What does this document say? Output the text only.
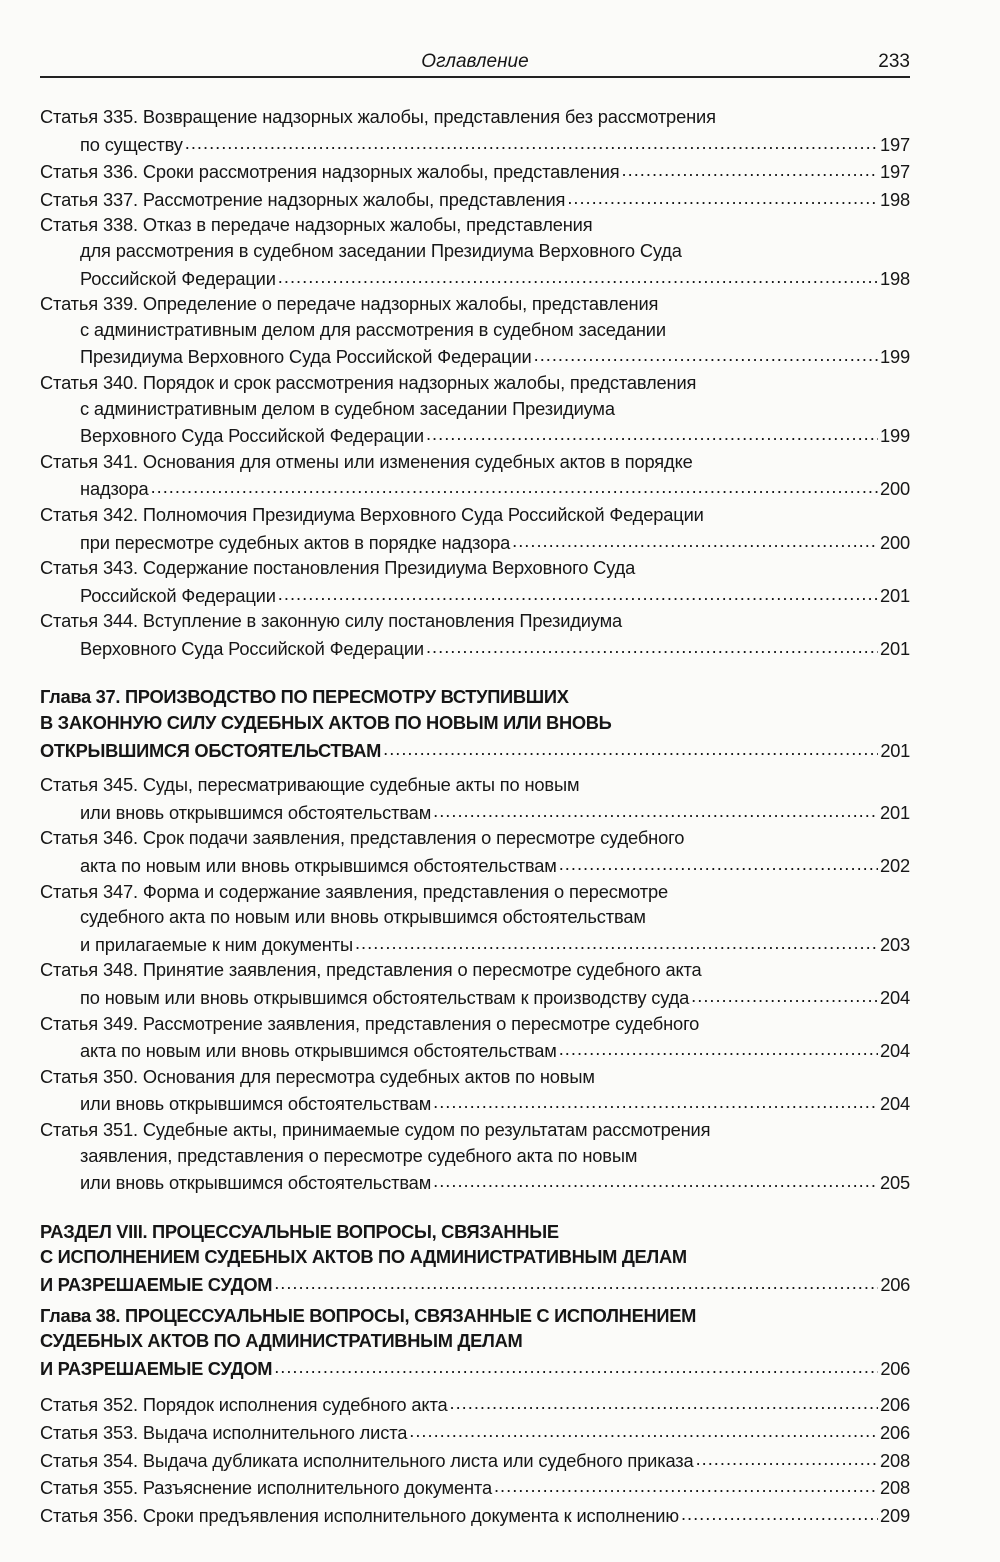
Оглавление	233
Статья 335. Возвращение надзорных жалобы, представления без рассмотрения
по существу .....	197
Статья 336. Сроки рассмотрения надзорных жалобы, представления .....	197
Статья 337. Рассмотрение надзорных жалобы, представления .....	198
Статья 338. Отказ в передаче надзорных жалобы, представления
для рассмотрения в судебном заседании Президиума Верховного Суда
Российской Федерации .....	198
Статья 339. Определение о передаче надзорных жалобы, представления
с административным делом для рассмотрения в судебном заседании
Президиума Верховного Суда Российской Федерации .....	199
Статья 340. Порядок и срок рассмотрения надзорных жалобы, представления
с административным делом в судебном заседании Президиума
Верховного Суда Российской Федерации .....	199
Статья 341. Основания для отмены или изменения судебных актов в порядке
надзора .....	200
Статья 342. Полномочия Президиума Верховного Суда Российской Федерации
при пересмотре судебных актов в порядке надзора .....	200
Статья 343. Содержание постановления Президиума Верховного Суда
Российской Федерации .....	201
Статья 344. Вступление в законную силу постановления Президиума
Верховного Суда Российской Федерации .....	201
Глава 37. ПРОИЗВОДСТВО ПО ПЕРЕСМОТРУ ВСТУПИВШИХ
В ЗАКОННУЮ СИЛУ СУДЕБНЫХ АКТОВ ПО НОВЫМ ИЛИ ВНОВЬ
ОТКРЫВШИМСЯ ОБСТОЯТЕЛЬСТВАМ .....	201
Статья 345. Суды, пересматривающие судебные акты по новым
или вновь открывшимся обстоятельствам .....	201
Статья 346. Срок подачи заявления, представления о пересмотре судебного
акта по новым или вновь открывшимся обстоятельствам .....	202
Статья 347. Форма и содержание заявления, представления о пересмотре
судебного акта по новым или вновь открывшимся обстоятельствам
и прилагаемые к ним документы .....	203
Статья 348. Принятие заявления, представления о пересмотре судебного акта
по новым или вновь открывшимся обстоятельствам к производству суда .....	204
Статья 349. Рассмотрение заявления, представления о пересмотре судебного
акта по новым или вновь открывшимся обстоятельствам .....	204
Статья 350. Основания для пересмотра судебных актов по новым
или вновь открывшимся обстоятельствам .....	204
Статья 351. Судебные акты, принимаемые судом по результатам рассмотрения
заявления, представления о пересмотре судебного акта по новым
или вновь открывшимся обстоятельствам .....	205
РАЗДЕЛ VIII. ПРОЦЕССУАЛЬНЫЕ ВОПРОСЫ, СВЯЗАННЫЕ
С ИСПОЛНЕНИЕМ СУДЕБНЫХ АКТОВ ПО АДМИНИСТРАТИВНЫМ ДЕЛАМ
И РАЗРЕШАЕМЫЕ СУДОМ .....	206
Глава 38. ПРОЦЕССУАЛЬНЫЕ ВОПРОСЫ, СВЯЗАННЫЕ С ИСПОЛНЕНИЕМ
СУДЕБНЫХ АКТОВ ПО АДМИНИСТРАТИВНЫМ ДЕЛАМ
И РАЗРЕШАЕМЫЕ СУДОМ .....	206
Статья 352. Порядок исполнения судебного акта .....	206
Статья 353. Выдача исполнительного листа .....	206
Статья 354. Выдача дубликата исполнительного листа или судебного приказа .....	208
Статья 355. Разъяснение исполнительного документа .....	208
Статья 356. Сроки предъявления исполнительного документа к исполнению .....	209
